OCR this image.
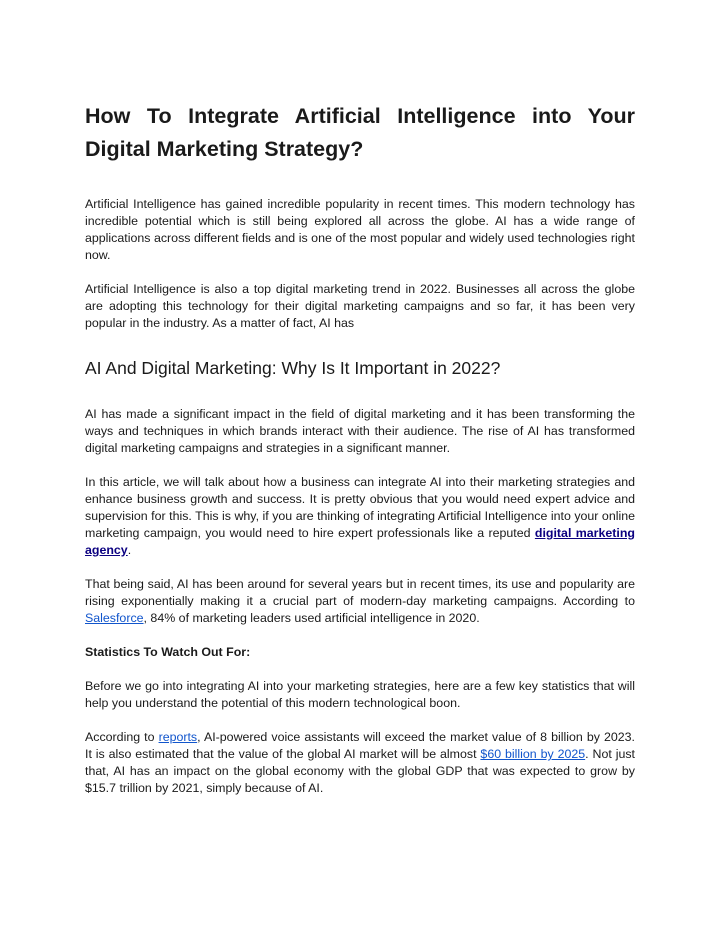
How To Integrate Artificial Intelligence into Your Digital Marketing Strategy?

Artificial Intelligence has gained incredible popularity in recent times. This modern technology has incredible potential which is still being explored all across the globe. AI has a wide range of applications across different fields and is one of the most popular and widely used technologies right now.

Artificial Intelligence is also a top digital marketing trend in 2022. Businesses all across the globe are adopting this technology for their digital marketing campaigns and so far, it has been very popular in the industry. As a matter of fact, AI has

AI And Digital Marketing: Why Is It Important in 2022?

AI has made a significant impact in the field of digital marketing and it has been transforming the ways and techniques in which brands interact with their audience. The rise of AI has transformed digital marketing campaigns and strategies in a significant manner.

In this article, we will talk about how a business can integrate AI into their marketing strategies and enhance business growth and success. It is pretty obvious that you would need expert advice and supervision for this. This is why, if you are thinking of integrating Artificial Intelligence into your online marketing campaign, you would need to hire expert professionals like a reputed digital marketing agency.

That being said, AI has been around for several years but in recent times, its use and popularity are rising exponentially making it a crucial part of modern-day marketing campaigns. According to Salesforce, 84% of marketing leaders used artificial intelligence in 2020.

Statistics To Watch Out For:

Before we go into integrating AI into your marketing strategies, here are a few key statistics that will help you understand the potential of this modern technological boon.

According to reports, AI-powered voice assistants will exceed the market value of 8 billion by 2023. It is also estimated that the value of the global AI market will be almost $60 billion by 2025. Not just that, AI has an impact on the global economy with the global GDP that was expected to grow by $15.7 trillion by 2021, simply because of AI.
